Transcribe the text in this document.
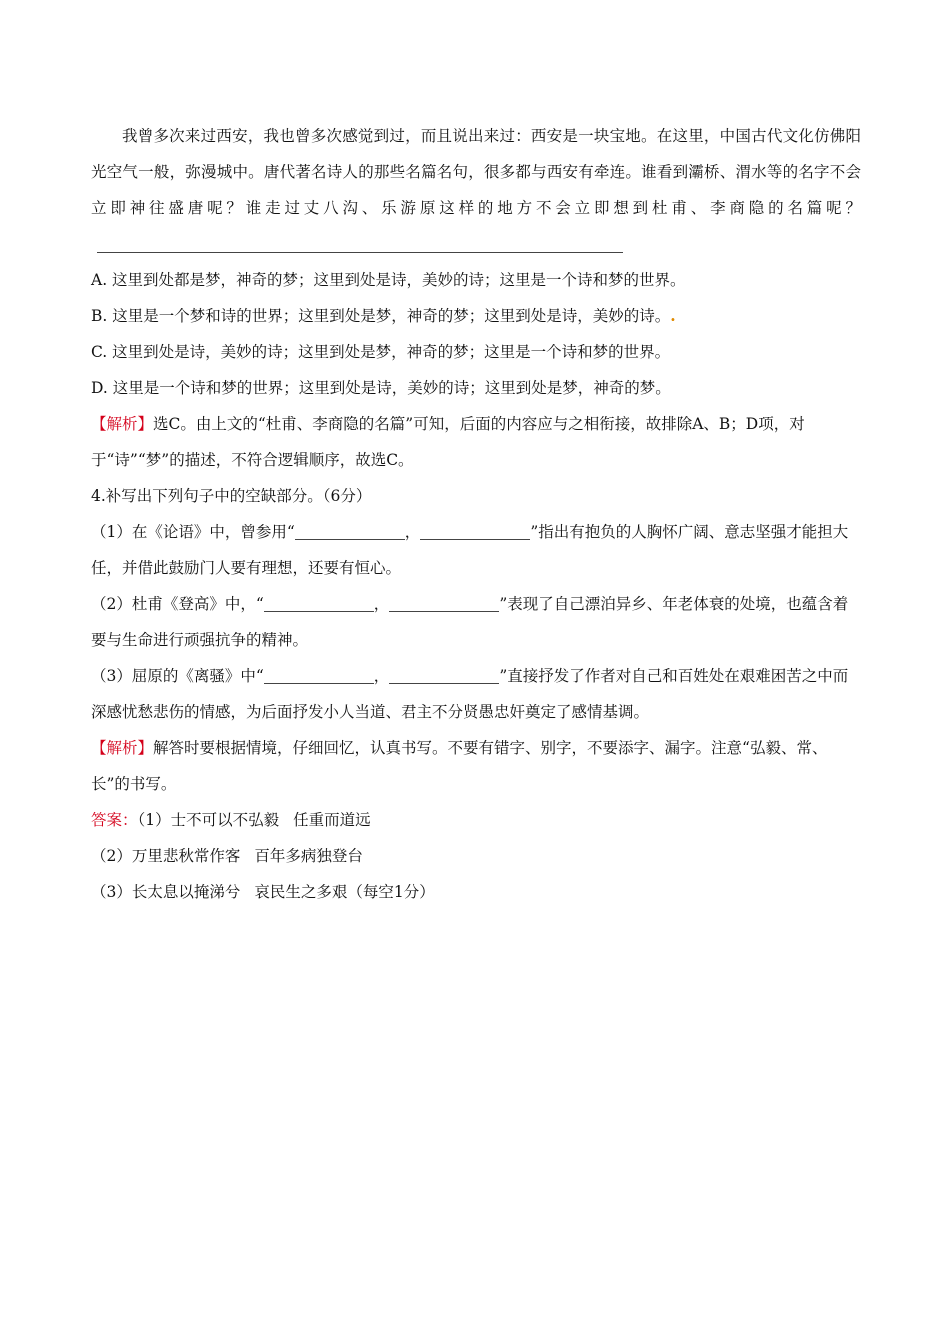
我曾多次来过西安，我也曾多次感觉到过，而且说出来过：西安是一块宝地。在这里，中国古代文化仿佛阳光空气一般，弥漫城中。唐代著名诗人的那些名篇名句，很多都与西安有牵连。谁看到灞桥、渭水等的名字不会立即神往盛唐呢？谁走过丈八沟、乐游原这样的地方不会立即想到杜甫、李商隐的名篇呢？

A. 这里到处都是梦，神奇的梦；这里到处是诗，美妙的诗；这里是一个诗和梦的世界。

B. 这里是一个梦和诗的世界；这里到处是梦，神奇的梦；这里到处是诗，美妙的诗。.

C. 这里到处是诗，美妙的诗；这里到处是梦，神奇的梦；这里是一个诗和梦的世界。

D. 这里是一个诗和梦的世界；这里到处是诗，美妙的诗；这里到处是梦，神奇的梦。

【解析】选C。由上文的“杜甫、李商隐的名篇”可知，后面的内容应与之相衔接，故排除A、B；D项，对于“诗”“梦”的描述，不符合逻辑顺序，故选C。

4.补写出下列句子中的空缺部分。（6分）

（1）在《论语》中，曾参用“	，	”指出有抱负的人胸怀广阔、意志坚强才能担大任，并借此鼓励门人要有理想，还要有恒心。

（2）杜甫《登高》中，“	，	”表现了自己漂泊异乡、年老体衰的处境，也蕴含着要与生命进行顽强抗争的精神。

（3）屈原的《离骚》中“	，	”直接抒发了作者对自己和百姓处在艰难困苦之中而深感忧愁悲伤的情感，为后面抒发小人当道、君主不分贤愚忠奸奠定了感情基调。

【解析】解答时要根据情境，仔细回忆，认真书写。不要有错字、别字，不要添字、漏字。注意“弘毅、常、长”的书写。

答案：（1）士不可以不弘毅 任重而道远

（2）万里悲秋常作客 百年多病独登台

（3）长太息以掩涕兮 哀民生之多艰（每空1分）
